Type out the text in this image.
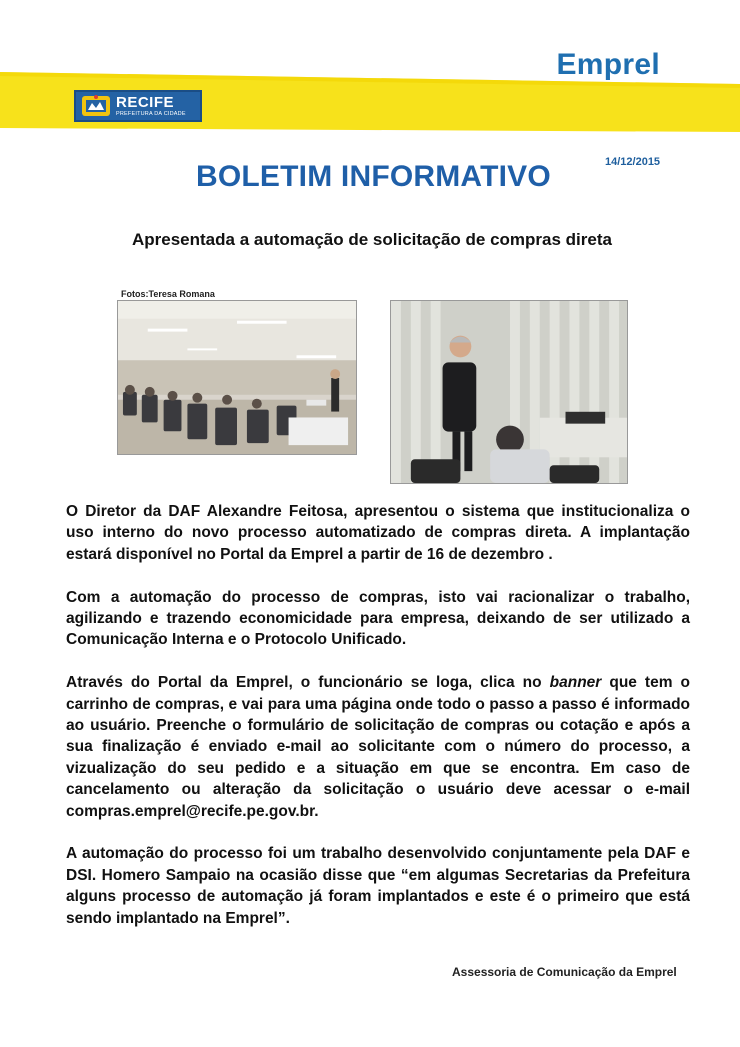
Emprel
RECIFE
PREFEITURA DA CIDADE
14/12/2015
BOLETIM INFORMATIVO
Apresentada a automação de solicitação de compras direta
Fotos:Teresa Romana

O Diretor da DAF Alexandre Feitosa, apresentou o sistema que institucionaliza o uso interno do novo processo automatizado de compras direta. A implantação estará disponível no Portal da Emprel a partir de 16 de dezembro .

Com a automação do processo de compras, isto vai racionalizar o trabalho, agilizando e trazendo economicidade para empresa, deixando de ser utilizado a Comunicação Interna e o Protocolo Unificado.

Através do Portal da Emprel, o funcionário se loga, clica no banner que tem o carrinho de compras, e vai para uma página onde todo o passo a passo é informado ao usuário. Preenche o formulário de solicitação de compras ou cotação e após a sua finalização é enviado e-mail ao solicitante com o número do processo, a vizualização do seu pedido e a situação em que se encontra. Em caso de cancelamento ou alteração da solicitação o usuário deve acessar o e-mail compras.emprel@recife.pe.gov.br.

A automação do processo foi um trabalho desenvolvido conjuntamente pela DAF e DSI. Homero Sampaio na ocasião disse que “em algumas Secretarias da Prefeitura alguns processo de automação já foram implantados e este é o primeiro que está sendo implantado na Emprel”.

Assessoria de Comunicação da Emprel
